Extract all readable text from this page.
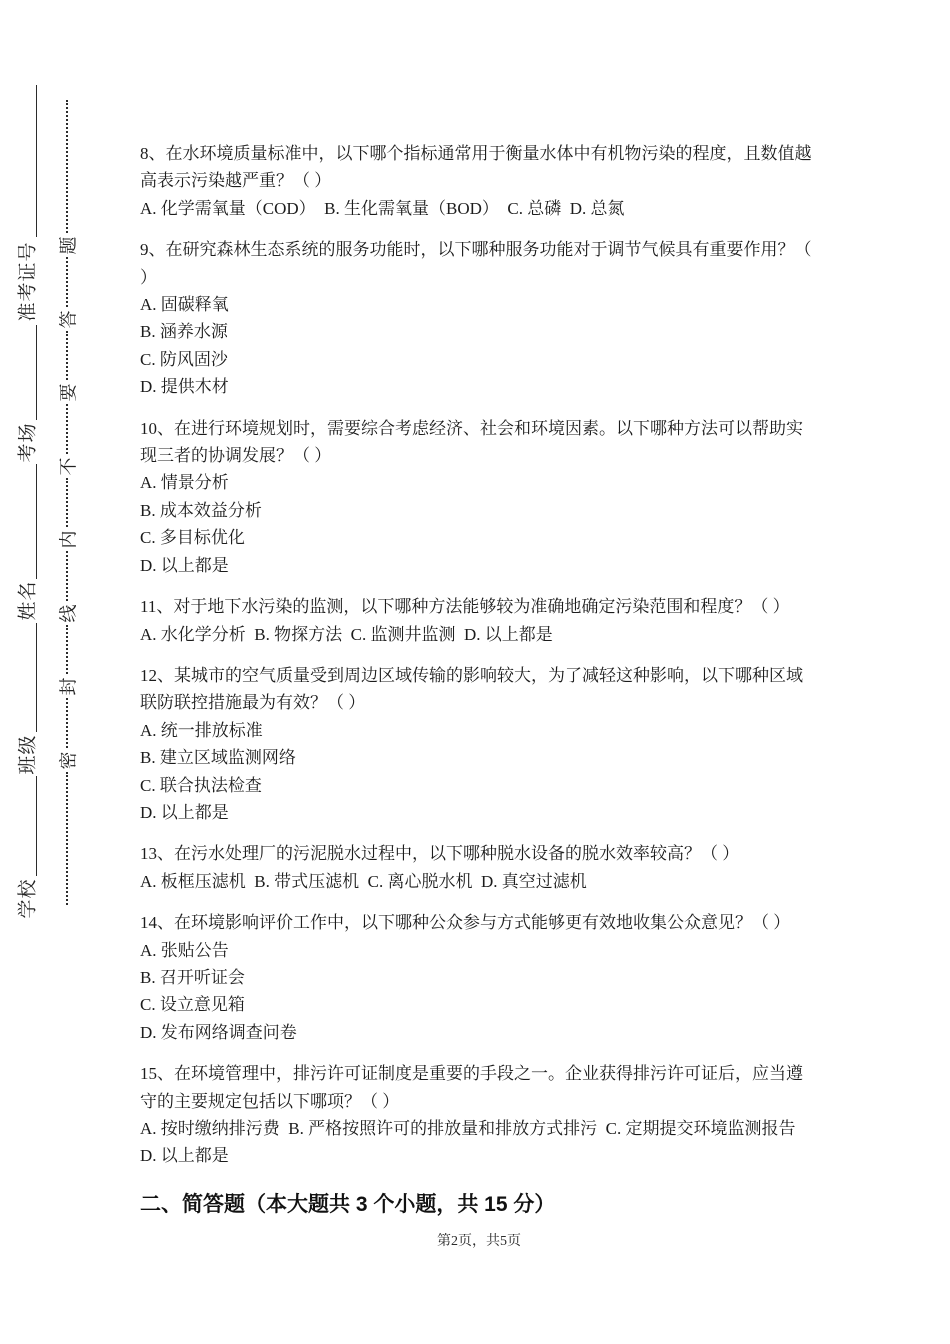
准考证号
考场
姓名
班级
学校
题
答
要
不
内
线
封
密

8、在水环境质量标准中，以下哪个指标通常用于衡量水体中有机物污染的程度，且数值越高表示污染越严重？（ ）

A. 化学需氧量（COD）  B. 生化需氧量（BOD）  C. 总磷  D. 总氮

9、在研究森林生态系统的服务功能时，以下哪种服务功能对于调节气候具有重要作用？（ ）

A. 固碳释氧

B. 涵养水源

C. 防风固沙

D. 提供木材

10、在进行环境规划时，需要综合考虑经济、社会和环境因素。以下哪种方法可以帮助实现三者的协调发展？（ ）

A. 情景分析

B. 成本效益分析

C. 多目标优化

D. 以上都是

11、对于地下水污染的监测，以下哪种方法能够较为准确地确定污染范围和程度？（ ）

A. 水化学分析  B. 物探方法  C. 监测井监测  D. 以上都是

12、某城市的空气质量受到周边区域传输的影响较大，为了减轻这种影响，以下哪种区域联防联控措施最为有效？（ ）

A. 统一排放标准

B. 建立区域监测网络

C. 联合执法检查

D. 以上都是

13、在污水处理厂的污泥脱水过程中，以下哪种脱水设备的脱水效率较高？（ ）

A. 板框压滤机  B. 带式压滤机  C. 离心脱水机  D. 真空过滤机

14、在环境影响评价工作中，以下哪种公众参与方式能够更有效地收集公众意见？（ ）

A. 张贴公告

B. 召开听证会

C. 设立意见箱

D. 发布网络调查问卷

15、在环境管理中，排污许可证制度是重要的手段之一。企业获得排污许可证后，应当遵守的主要规定包括以下哪项？（ ）

A. 按时缴纳排污费  B. 严格按照许可的排放量和排放方式排污  C. 定期提交环境监测报告

D. 以上都是

二、简答题（本大题共 3 个小题，共 15 分）
第2页，共5页
